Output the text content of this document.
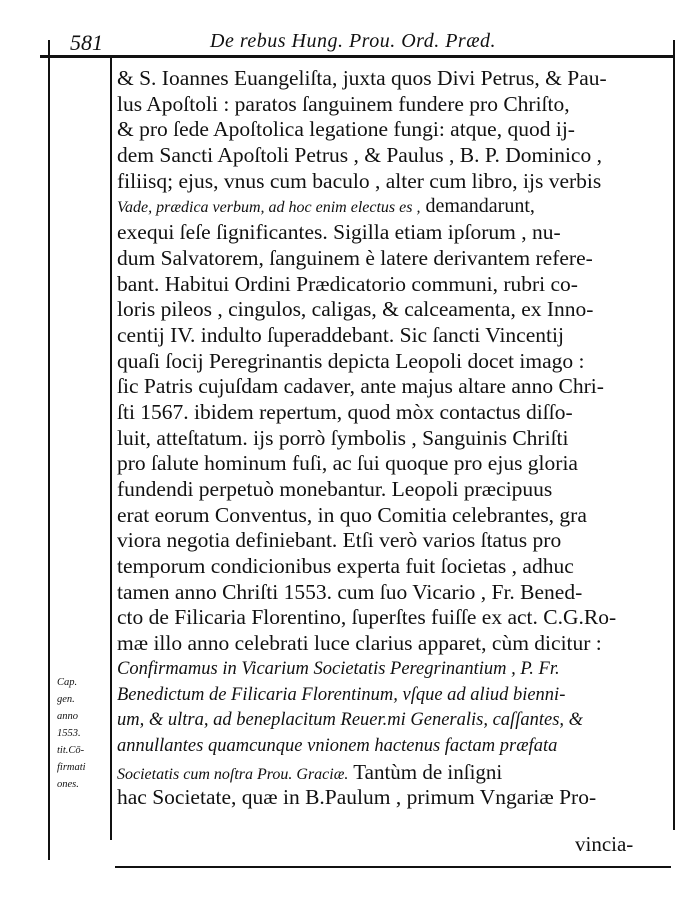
581	De rebus Hung. Prou. Ord. Præd.
& S. Ioannes Euangeliſta, juxta quos Divi Petrus, & Pau-
lus Apoſtoli : paratos ſanguinem fundere pro Chriſto,
& pro ſede Apoſtolica legatione fungi: atque, quod ij-
dem Sancti Apoſtoli Petrus , & Paulus , B. P. Dominico ,
filiisq; ejus, vnus cum baculo , alter cum libro, ijs verbis
Vade, prædica verbum, ad hoc enim electus es , demandarunt,
exequi ſeſe ſignificantes. Sigilla etiam ipſorum , nu-
dum Salvatorem, ſanguinem è latere derivantem refere-
bant. Habitui Ordini Prædicatorio communi, rubri co-
loris pileos , cingulos, caligas, & calceamenta, ex Inno-
centij IV. indulto ſuperaddebant. Sic ſancti Vincentij
quaſi ſocij Peregrinantis depicta Leopoli docet imago :
ſic Patris cujuſdam cadaver, ante majus altare anno Chri-
ſti 1567. ibidem repertum, quod mòx contactus diſſo-
luit, atteſtatum. ijs porrò ſymbolis , Sanguinis Chriſti
pro ſalute hominum fuſi, ac ſui quoque pro ejus gloria
fundendi perpetuò monebantur. Leopoli præcipuus
erat eorum Conventus, in quo Comitia celebrantes, gra
viora negotia definiebant. Etſi verò varios ſtatus pro
temporum condicionibus experta fuit ſocietas , adhuc
tamen anno Chriſti 1553. cum ſuo Vicario , Fr. Bened-
cto de Filicaria Florentino, ſuperſtes fuiſſe ex act. C.G.Ro-
mæ illo anno celebrati luce clarius apparet, cùm dicitur :
Confirmamus in Vicarium Societatis Peregrinantium , P. Fr.
Benedictum de Filicaria Florentinum, vſque ad aliud bienni-
um, & ultra, ad beneplacitum Reuer.mi Generalis, caſſantes, &
annullantes quamcunque vnionem hactenus factam præfata
Societatis cum noſtra Prou. Graciæ. Tantùm de inſigni
hac Societate, quæ in B.Paulum , primum Vngariæ Pro-
Cap.
gen.
anno
1553.
tit.Cō-
firmati
ones.
vincia-
